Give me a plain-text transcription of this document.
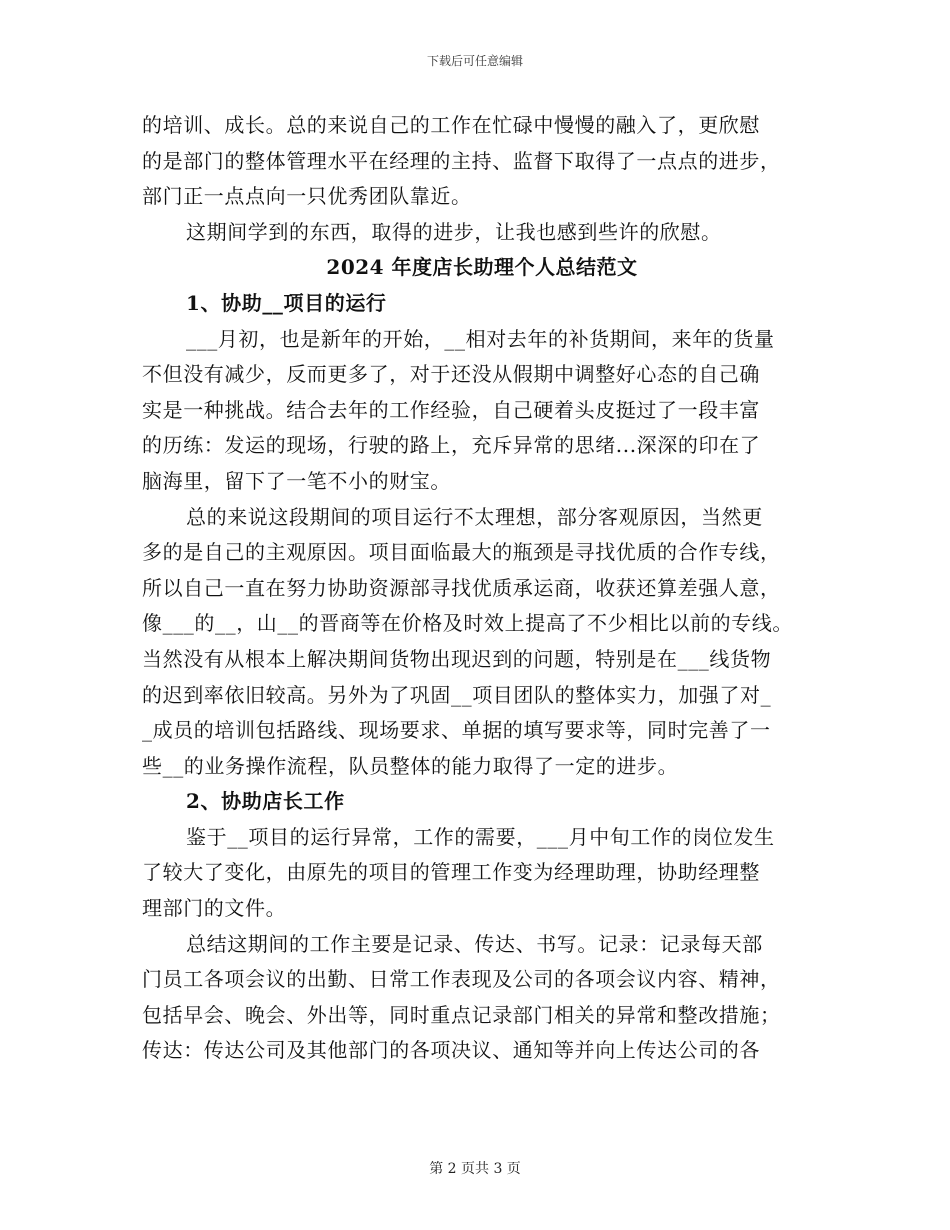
下载后可任意编辑
的培训、成长。总的来说自己的工作在忙碌中慢慢的融入了，更欣慰
的是部门的整体管理水平在经理的主持、监督下取得了一点点的进步，
部门正一点点向一只优秀团队靠近。
这期间学到的东西，取得的进步，让我也感到些许的欣慰。
2024 年度店长助理个人总结范文
1、协助__项目的运行
___月初，也是新年的开始，__相对去年的补货期间，来年的货量
不但没有减少，反而更多了，对于还没从假期中调整好心态的自己确
实是一种挑战。结合去年的工作经验，自己硬着头皮挺过了一段丰富
的历练：发运的现场，行驶的路上，充斥异常的思绪...深深的印在了
脑海里，留下了一笔不小的财宝。
总的来说这段期间的项目运行不太理想，部分客观原因，当然更
多的是自己的主观原因。项目面临最大的瓶颈是寻找优质的合作专线，
所以自己一直在努力协助资源部寻找优质承运商，收获还算差强人意，
像___的__，山__的晋商等在价格及时效上提高了不少相比以前的专线。
当然没有从根本上解决期间货物出现迟到的问题，特别是在___线货物
的迟到率依旧较高。另外为了巩固__项目团队的整体实力，加强了对_
_成员的培训包括路线、现场要求、单据的填写要求等，同时完善了一
些__的业务操作流程，队员整体的能力取得了一定的进步。
2、协助店长工作
鉴于__项目的运行异常，工作的需要，___月中旬工作的岗位发生
了较大了变化，由原先的项目的管理工作变为经理助理，协助经理整
理部门的文件。
总结这期间的工作主要是记录、传达、书写。记录：记录每天部
门员工各项会议的出勤、日常工作表现及公司的各项会议内容、精神，
包括早会、晚会、外出等，同时重点记录部门相关的异常和整改措施；
传达：传达公司及其他部门的各项决议、通知等并向上传达公司的各
第 2 页共 3 页
